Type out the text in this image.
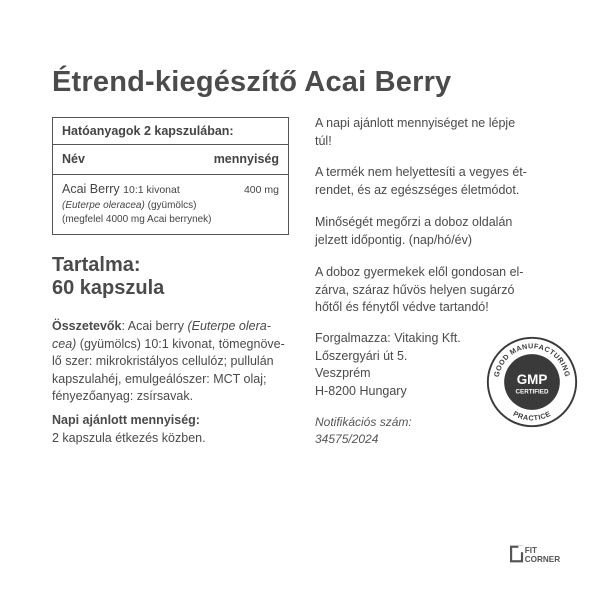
Étrend-kiegészítő Acai Berry
Hatóanyagok 2 kapszulában:
Név	mennyiség
Acai Berry 10:1 kivonat	400 mg
(Euterpe oleracea) (gyümölcs)
(megfelel 4000 mg Acai berrynek)
Tartalma:
60 kapszula
Összetevők: Acai berry (Euterpe olera-
cea) (gyümölcs) 10:1 kivonat, tömegnöve-
lő szer: mikrokristályos cellulóz; pullulán
kapszulahéj, emulgeálószer: MCT olaj;
fényezőanyag: zsírsavak.
Napi ajánlott mennyiség:
2 kapszula étkezés közben.
A napi ajánlott mennyiséget ne lépje
túl!
A termék nem helyettesíti a vegyes ét-
rendet, és az egészséges életmódot.
Minőségét megőrzi a doboz oldalán
jelzett időpontig. (nap/hó/év)
A doboz gyermekek elől gondosan el-
zárva, száraz hűvös helyen sugárzó
hőtől és fénytől védve tartandó!
Forgalmazza: Vitaking Kft.
Lőszergyári út 5.
Veszprém
H-8200 Hungary
Notifikációs szám:
34575/2024
GOOD MANUFACTURING
PRACTICE
GMP
CERTIFIED
FIT
CORNER
